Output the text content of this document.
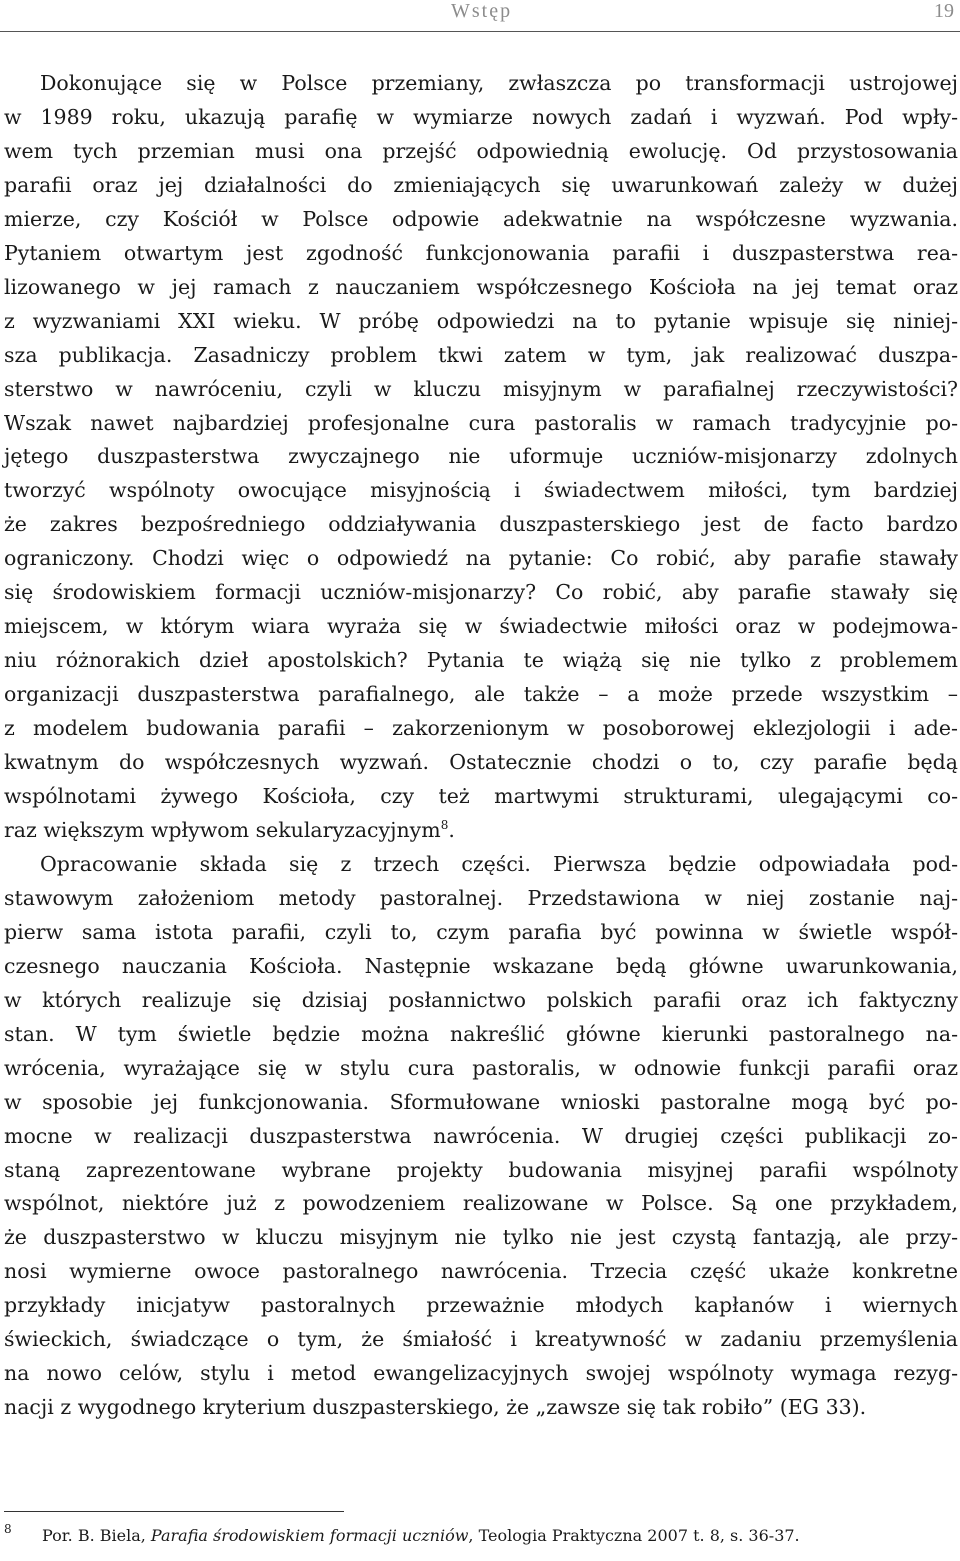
Wstęp	19

Dokonujące się w Polsce przemiany, zwłaszcza po transformacji ustrojowej
w 1989 roku, ukazują parafię w wymiarze nowych zadań i wyzwań. Pod wpły-
wem tych przemian musi ona przejść odpowiednią ewolucję. Od przystosowania
parafii oraz jej działalności do zmieniających się uwarunkowań zależy w dużej
mierze, czy Kościół w Polsce odpowie adekwatnie na współczesne wyzwania.
Pytaniem otwartym jest zgodność funkcjonowania parafii i duszpasterstwa rea-
lizowanego w jej ramach z nauczaniem współczesnego Kościoła na jej temat oraz
z wyzwaniami XXI wieku. W próbę odpowiedzi na to pytanie wpisuje się niniej-
sza publikacja. Zasadniczy problem tkwi zatem w tym, jak realizować duszpa-
sterstwo w nawróceniu, czyli w kluczu misyjnym w parafialnej rzeczywistości?
Wszak nawet najbardziej profesjonalne cura pastoralis w ramach tradycyjnie po-
jętego duszpasterstwa zwyczajnego nie uformuje uczniów-misjonarzy zdolnych
tworzyć wspólnoty owocujące misyjnością i świadectwem miłości, tym bardziej
że zakres bezpośredniego oddziaływania duszpasterskiego jest de facto bardzo
ograniczony. Chodzi więc o odpowiedź na pytanie: Co robić, aby parafie stawały
się środowiskiem formacji uczniów-misjonarzy? Co robić, aby parafie stawały się
miejscem, w którym wiara wyraża się w świadectwie miłości oraz w podejmowa-
niu różnorakich dzieł apostolskich? Pytania te wiążą się nie tylko z problemem
organizacji duszpasterstwa parafialnego, ale także – a może przede wszystkim –
z modelem budowania parafii – zakorzenionym w posoborowej eklezjologii i ade-
kwatnym do współczesnych wyzwań. Ostatecznie chodzi o to, czy parafie będą
wspólnotami żywego Kościoła, czy też martwymi strukturami, ulegającymi co-
raz większym wpływom sekularyzacyjnym$^8$.

Opracowanie składa się z trzech części. Pierwsza będzie odpowiadała pod-
stawowym założeniom metody pastoralnej. Przedstawiona w niej zostanie naj-
pierw sama istota parafii, czyli to, czym parafia być powinna w świetle współ-
czesnego nauczania Kościoła. Następnie wskazane będą główne uwarunkowania,
w których realizuje się dzisiaj posłannictwo polskich parafii oraz ich faktyczny
stan. W tym świetle będzie można nakreślić główne kierunki pastoralnego na-
wrócenia, wyrażające się w stylu cura pastoralis, w odnowie funkcji parafii oraz
w sposobie jej funkcjonowania. Sformułowane wnioski pastoralne mogą być po-
mocne w realizacji duszpasterstwa nawrócenia. W drugiej części publikacji zo-
staną zaprezentowane wybrane projekty budowania misyjnej parafii wspólnoty
wspólnot, niektóre już z powodzeniem realizowane w Polsce. Są one przykładem,
że duszpasterstwo w kluczu misyjnym nie tylko nie jest czystą fantazją, ale przy-
nosi wymierne owoce pastoralnego nawrócenia. Trzecia część ukaże konkretne
przykłady inicjatyw pastoralnych przeważnie młodych kapłanów i wiernych
świeckich, świadczące o tym, że śmiałość i kreatywność w zadaniu przemyślenia
na nowo celów, stylu i metod ewangelizacyjnych swojej wspólnoty wymaga rezyg-
nacji z wygodnego kryterium duszpasterskiego, że „zawsze się tak robiło” (EG 33).

8 Por. B. Biela, Parafia środowiskiem formacji uczniów, Teologia Praktyczna 2007 t. 8, s. 36-37.
